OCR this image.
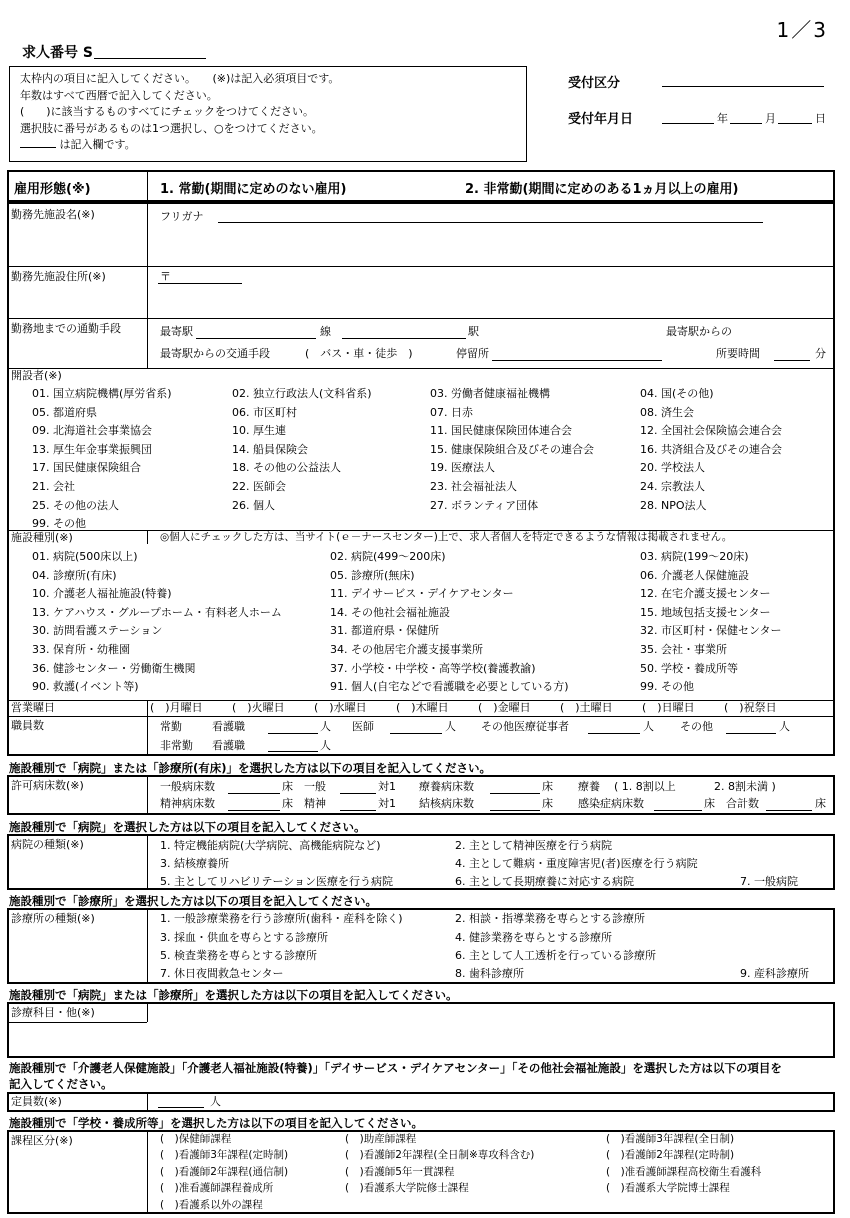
1／3
求人番号 S
太枠内の項目に記入してください。　　(※)は記入必須項目です。
年数はすべて西暦で記入してください。
(　　)に該当するものすべてにチェックをつけてください。
選択肢に番号があるものは1つ選択し、○をつけてください。
は記入欄です。
受付区分
受付年月日	年	月	日
雇用形態(※)	1. 常勤(期間に定めのない雇用)	2. 非常勤(期間に定めのある1ヵ月以上の雇用)
勤務先施設名(※)	フリガナ
勤務先施設住所(※)	〒
勤務地までの通勤手段	最寄駅	線	駅	最寄駅からの
最寄駅からの交通手段	(　バス・車・徒歩　)	停留所	所要時間	分
開設者(※)
01. 国立病院機構(厚労省系)	02. 独立行政法人(文科省系)	03. 労働者健康福祉機構	04. 国(その他)
05. 都道府県	06. 市区町村	07. 日赤	08. 済生会
09. 北海道社会事業協会	10. 厚生連	11. 国民健康保険団体連合会	12. 全国社会保険協会連合会
13. 厚生年金事業振興団	14. 船員保険会	15. 健康保険組合及びその連合会	16. 共済組合及びその連合会
17. 国民健康保険組合	18. その他の公益法人	19. 医療法人	20. 学校法人
21. 会社	22. 医師会	23. 社会福祉法人	24. 宗教法人
25. その他の法人	26. 個人	27. ボランティア団体	28. NPO法人
99. その他
施設種別(※)	◎個人にチェックした方は、当サイト(ｅ－ナースセンター)上で、求人者個人を特定できるような情報は掲載されません。
01. 病院(500床以上)	02. 病院(499～200床)	03. 病院(199～20床)
04. 診療所(有床)	05. 診療所(無床)	06. 介護老人保健施設
10. 介護老人福祉施設(特養)	11. デイサービス・デイケアセンター	12. 在宅介護支援センター
13. ケアハウス・グループホーム・有料老人ホーム	14. その他社会福祉施設	15. 地域包括支援センター
30. 訪問看護ステーション	31. 都道府県・保健所	32. 市区町村・保健センター
33. 保育所・幼稚園	34. その他居宅介護支援事業所	35. 会社・事業所
36. 健診センター・労働衛生機関	37. 小学校・中学校・高等学校(養護教諭)	50. 学校・養成所等
90. 救護(イベント等)	91. 個人(自宅などで看護職を必要としている方)	99. その他
営業曜日	(　)月曜日	(　)火曜日	(　)水曜日	(　)木曜日	(　)金曜日	(　)土曜日	(　)日曜日	(　)祝祭日
職員数	常勤	看護職	人 医師	人 その他医療従事者	人 その他	人
非常勤 看護職	人
施設種別で「病院」または「診療所(有床)」を選択した方は以下の項目を記入してください。
許可病床数(※)	一般病床数	床 一般	対1 療養病床数	床 療養 ( 1. 8割以上	2. 8割未満 )
精神病床数	床 精神	対1 結核病床数	床 感染症病床数	床 合計数	床
施設種別で「病院」を選択した方は以下の項目を記入してください。
病院の種類(※)	1. 特定機能病院(大学病院、高機能病院など)	2. 主として精神医療を行う病院
3. 結核療養所	4. 主として難病・重度障害児(者)医療を行う病院
5. 主としてリハビリテーション医療を行う病院	6. 主として長期療養に対応する病院	7. 一般病院
施設種別で「診療所」を選択した方は以下の項目を記入してください。
診療所の種類(※)	1. 一般診療業務を行う診療所(歯科・産科を除く)	2. 相談・指導業務を専らとする診療所
3. 採血・供血を専らとする診療所	4. 健診業務を専らとする診療所
5. 検査業務を専らとする診療所	6. 主として人工透析を行っている診療所
7. 休日夜間救急センター	8. 歯科診療所	9. 産科診療所
施設種別で「病院」または「診療所」を選択した方は以下の項目を記入してください。
診療科目・他(※)
施設種別で「介護老人保健施設」「介護老人福祉施設(特養)」「デイサービス・デイケアセンター」「その他社会福祉施設」を選択した方は以下の項目を
記入してください。
定員数(※)	人
施設種別で「学校・養成所等」を選択した方は以下の項目を記入してください。
課程区分(※)	(　)保健師課程	(　)助産師課程	(　)看護師3年課程(全日制)
(　)看護師3年課程(定時制)	(　)看護師2年課程(全日制※専攻科含む)	(　)看護師2年課程(定時制)
(　)看護師2年課程(通信制)	(　)看護師5年一貫課程	(　)准看護師課程高校衛生看護科
(　)准看護師課程養成所	(　)看護系大学院修士課程	(　)看護系大学院博士課程
(　)看護系以外の課程
